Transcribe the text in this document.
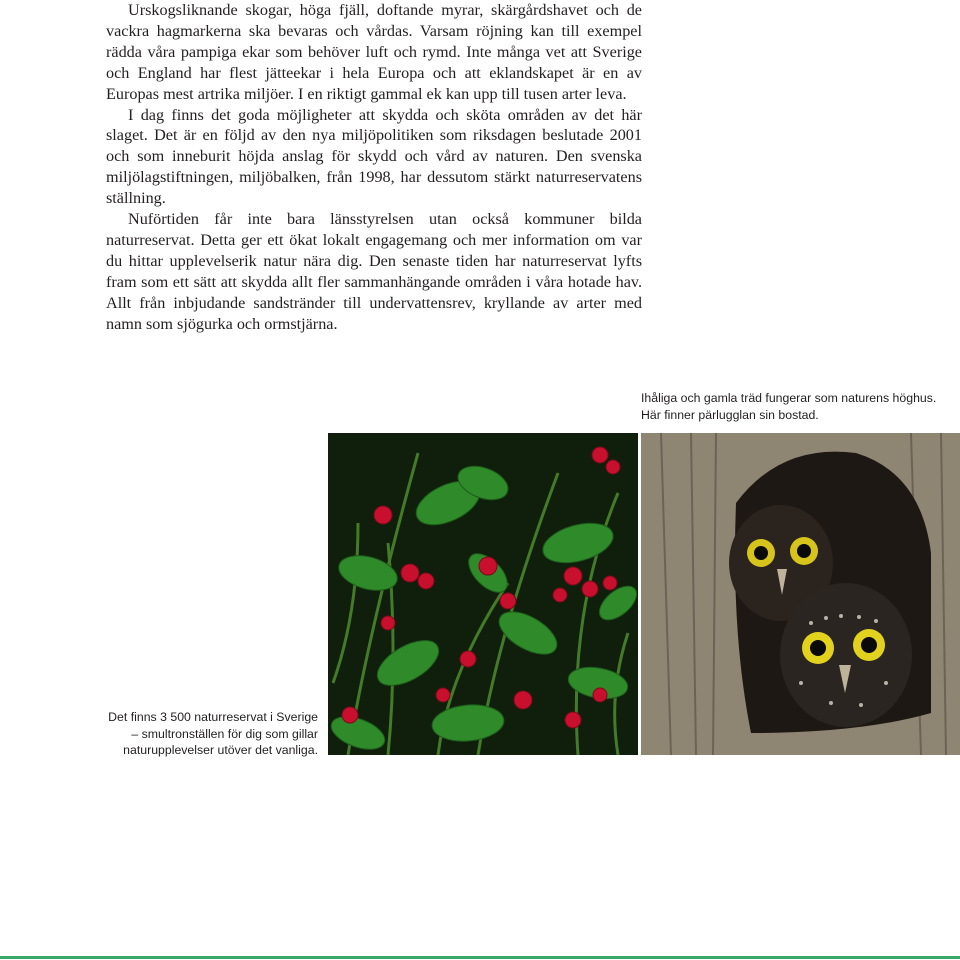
Urskogsliknande skogar, höga fjäll, doftande myrar, skärgårdshavet och de vackra hagmarkerna ska bevaras och vårdas. Varsam röjning kan till exempel rädda våra pampiga ekar som behöver luft och rymd. Inte många vet att Sverige och England har flest jätteekar i hela Europa och att eklandskapet är en av Europas mest artrika miljöer. I en riktigt gammal ek kan upp till tusen arter leva.

I dag finns det goda möjligheter att skydda och sköta områden av det här slaget. Det är en följd av den nya miljöpolitiken som riksdagen beslutade 2001 och som inneburit höjda anslag för skydd och vård av naturen. Den svenska miljölagstiftningen, miljöbalken, från 1998, har dessutom stärkt naturreservatens ställning.

Nuförtiden får inte bara länsstyrelsen utan också kommuner bilda naturreservat. Detta ger ett ökat lokalt engagemang och mer information om var du hittar upplevelserik natur nära dig. Den senaste tiden har naturreservat lyfts fram som ett sätt att skydda allt fler sammanhängande områden i våra hotade hav. Allt från inbjudande sandstränder till undervattensrev, kryllande av arter med namn som sjögurka och ormstjärna.

Ihåliga och gamla träd fungerar som naturens höghus. Här finner pärlugglan sin bostad.
Det finns 3 500 naturreservat i Sverige – smultronställen för dig som gillar naturupplevelser utöver det vanliga.
